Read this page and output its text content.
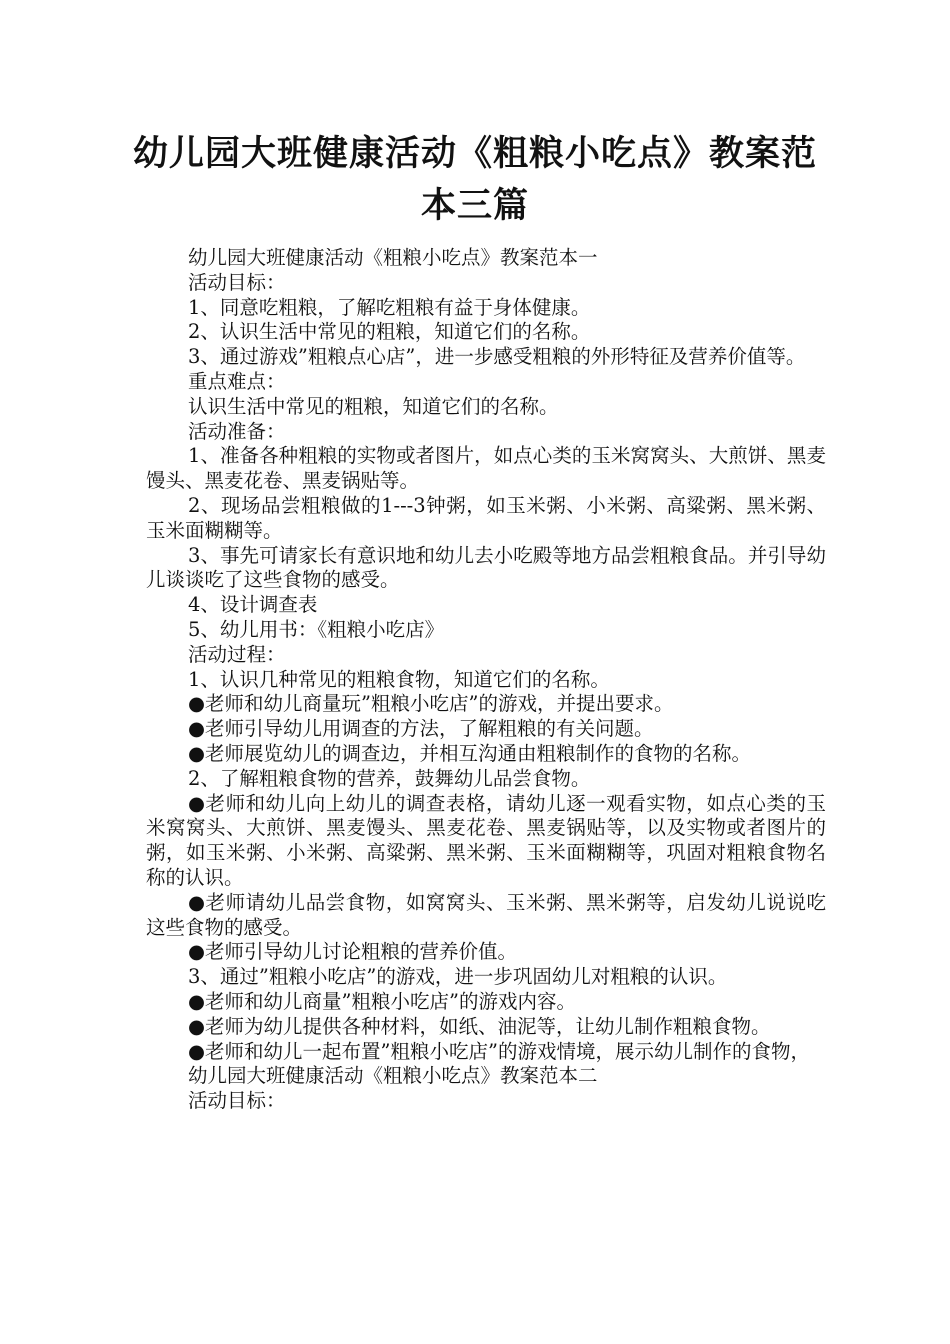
幼儿园大班健康活动《粗粮小吃点》教案范本三篇

幼儿园大班健康活动《粗粮小吃点》教案范本一

活动目标：

1、同意吃粗粮，了解吃粗粮有益于身体健康。

2、认识生活中常见的粗粮，知道它们的名称。

3、通过游戏”粗粮点心店”，进一步感受粗粮的外形特征及营养价值等。

重点难点：

认识生活中常见的粗粮，知道它们的名称。

活动准备：

1、准备各种粗粮的实物或者图片，如点心类的玉米窝窝头、大煎饼、黑麦馒头、黑麦花卷、黑麦锅贴等。

2、现场品尝粗粮做的1---3钟粥，如玉米粥、小米粥、高粱粥、黑米粥、玉米面糊糊等。

3、事先可请家长有意识地和幼儿去小吃殿等地方品尝粗粮食品。并引导幼儿谈谈吃了这些食物的感受。

4、设计调查表

5、幼儿用书：《粗粮小吃店》

活动过程：

1、认识几种常见的粗粮食物，知道它们的名称。

●老师和幼儿商量玩”粗粮小吃店”的游戏，并提出要求。

●老师引导幼儿用调查的方法，了解粗粮的有关问题。

●老师展览幼儿的调查边，并相互沟通由粗粮制作的食物的名称。

2、了解粗粮食物的营养，鼓舞幼儿品尝食物。

●老师和幼儿向上幼儿的调查表格，请幼儿逐一观看实物，如点心类的玉米窝窝头、大煎饼、黑麦馒头、黑麦花卷、黑麦锅贴等，以及实物或者图片的粥，如玉米粥、小米粥、高粱粥、黑米粥、玉米面糊糊等，巩固对粗粮食物名称的认识。

●老师请幼儿品尝食物，如窝窝头、玉米粥、黑米粥等，启发幼儿说说吃这些食物的感受。

●老师引导幼儿讨论粗粮的营养价值。

3、通过”粗粮小吃店”的游戏，进一步巩固幼儿对粗粮的认识。

●老师和幼儿商量”粗粮小吃店”的游戏内容。

●老师为幼儿提供各种材料，如纸、油泥等，让幼儿制作粗粮食物。

●老师和幼儿一起布置”粗粮小吃店”的游戏情境，展示幼儿制作的食物，

幼儿园大班健康活动《粗粮小吃点》教案范本二

活动目标：
